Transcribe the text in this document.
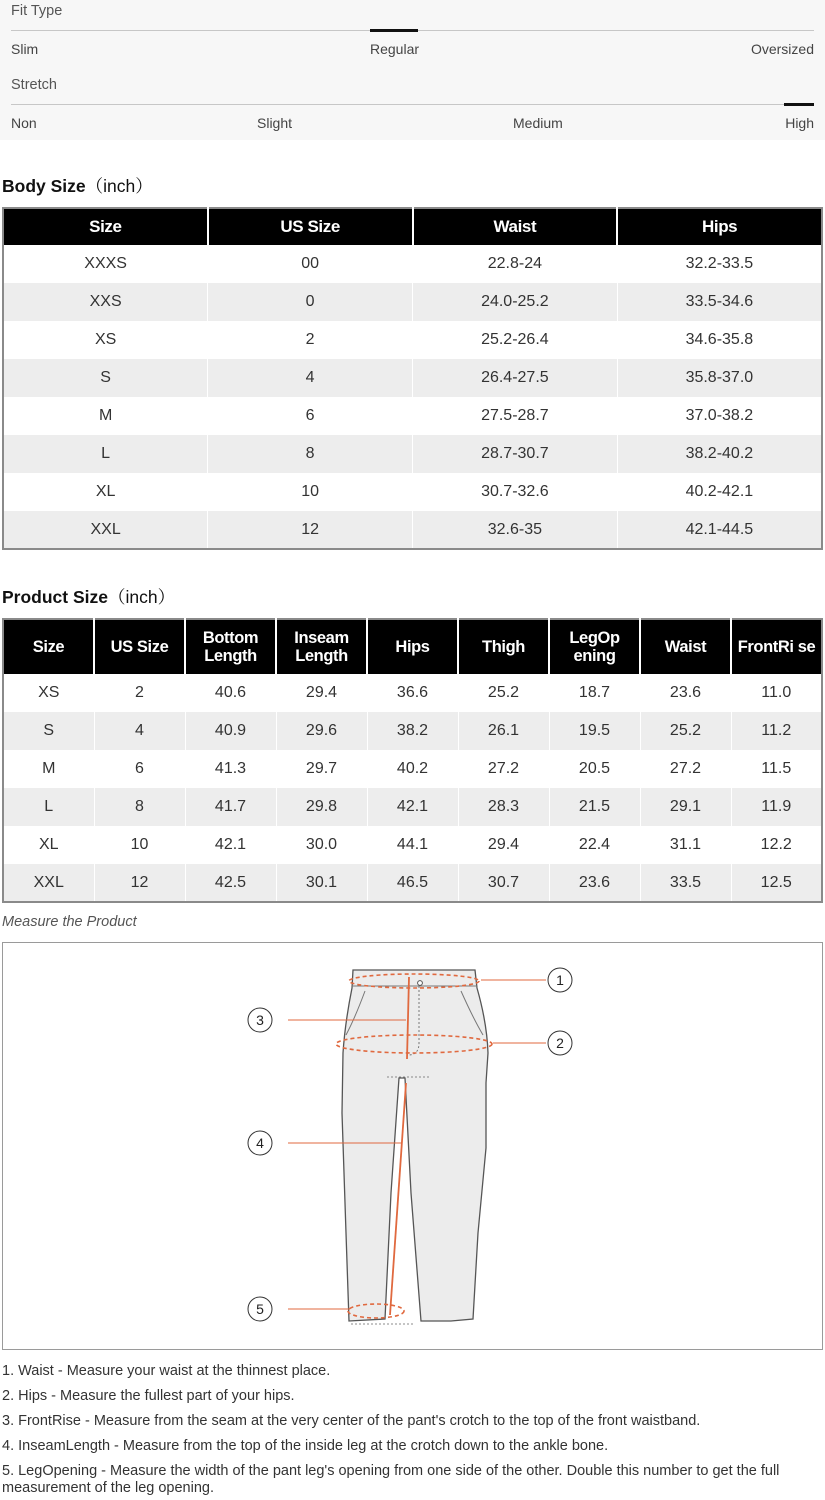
Fit Type
Slim	Regular	Oversized
Stretch
Non	Slight	Medium	High
Body Size（inch）
Size	US Size	Waist	Hips
XXXS	00	22.8-24	32.2-33.5
XXS	0	24.0-25.2	33.5-34.6
XS	2	25.2-26.4	34.6-35.8
S	4	26.4-27.5	35.8-37.0
M	6	27.5-28.7	37.0-38.2
L	8	28.7-30.7	38.2-40.2
XL	10	30.7-32.6	40.2-42.1
XXL	12	32.6-35	42.1-44.5
Product Size（inch）
Size	US Size	Bottom Length	Inseam Length	Hips	Thigh	LegOp ening	Waist	FrontRi se
XS	2	40.6	29.4	36.6	25.2	18.7	23.6	11.0
S	4	40.9	29.6	38.2	26.1	19.5	25.2	11.2
M	6	41.3	29.7	40.2	27.2	20.5	27.2	11.5
L	8	41.7	29.8	42.1	28.3	21.5	29.1	11.9
XL	10	42.1	30.0	44.1	29.4	22.4	31.1	12.2
XXL	12	42.5	30.1	46.5	30.7	23.6	33.5	12.5
Measure the Product
1
2
3
4
5
1. Waist - Measure your waist at the thinnest place.
2. Hips - Measure the fullest part of your hips.
3. FrontRise - Measure from the seam at the very center of the pant's crotch to the top of the front waistband.
4. InseamLength - Measure from the top of the inside leg at the crotch down to the ankle bone.
5. LegOpening - Measure the width of the pant leg's opening from one side of the other. Double this number to get the full measurement of the leg opening.
